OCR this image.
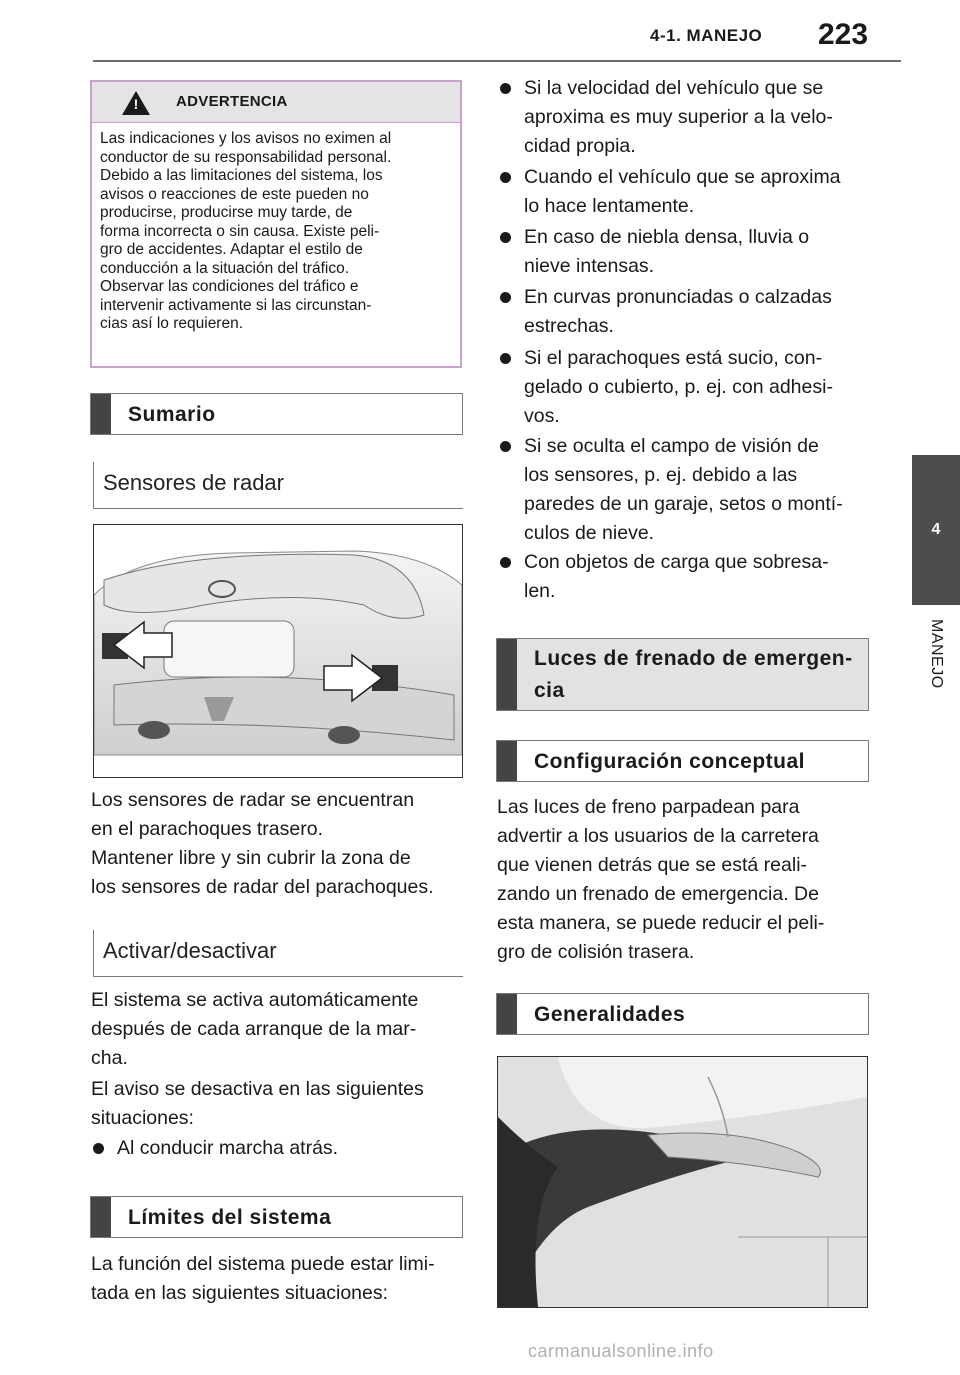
4-1. MANEJO 223
4
MANEJO
!	ADVERTENCIA
Las indicaciones y los avisos no eximen al
conductor de su responsabilidad personal.
Debido a las limitaciones del sistema, los
avisos o reacciones de este pueden no
producirse, producirse muy tarde, de
forma incorrecta o sin causa. Existe peli-
gro de accidentes. Adaptar el estilo de
conducción a la situación del tráfico.
Observar las condiciones del tráfico e
intervenir activamente si las circunstan-
cias así lo requieren.
Sumario
Sensores de radar
Los sensores de radar se encuentran
en el parachoques trasero.
Mantener libre y sin cubrir la zona de
los sensores de radar del parachoques.
Activar/desactivar
El sistema se activa automáticamente
después de cada arranque de la mar-
cha.
El aviso se desactiva en las siguientes
situaciones:
Al conducir marcha atrás.
Límites del sistema
La función del sistema puede estar limi-
tada en las siguientes situaciones:
Si la velocidad del vehículo que se
aproxima es muy superior a la velo-
cidad propia.
Cuando el vehículo que se aproxima
lo hace lentamente.
En caso de niebla densa, lluvia o
nieve intensas.
En curvas pronunciadas o calzadas
estrechas.
Si el parachoques está sucio, con-
gelado o cubierto, p. ej. con adhesi-
vos.
Si se oculta el campo de visión de
los sensores, p. ej. debido a las
paredes de un garaje, setos o montí-
culos de nieve.
Con objetos de carga que sobresa-
len.
Luces de frenado de emergen-
cia
Configuración conceptual
Las luces de freno parpadean para
advertir a los usuarios de la carretera
que vienen detrás que se está reali-
zando un frenado de emergencia. De
esta manera, se puede reducir el peli-
gro de colisión trasera.
Generalidades
carmanualsonline.info
